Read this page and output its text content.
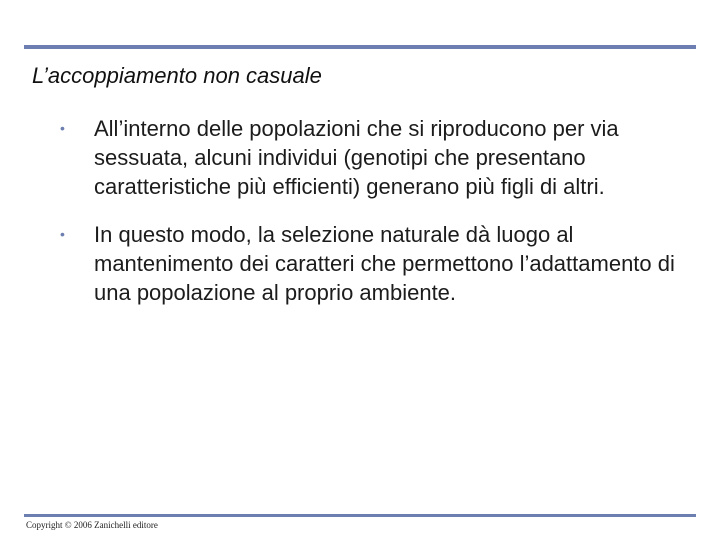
L’accoppiamento non casuale
•	All’interno delle popolazioni che si riproducono per via sessuata, alcuni individui (genotipi che presentano caratteristiche più efficienti) generano più figli di altri.
•	In questo modo, la selezione naturale dà luogo al mantenimento dei caratteri che permettono l’adattamento di una popolazione al proprio ambiente.
Copyright © 2006 Zanichelli editore
